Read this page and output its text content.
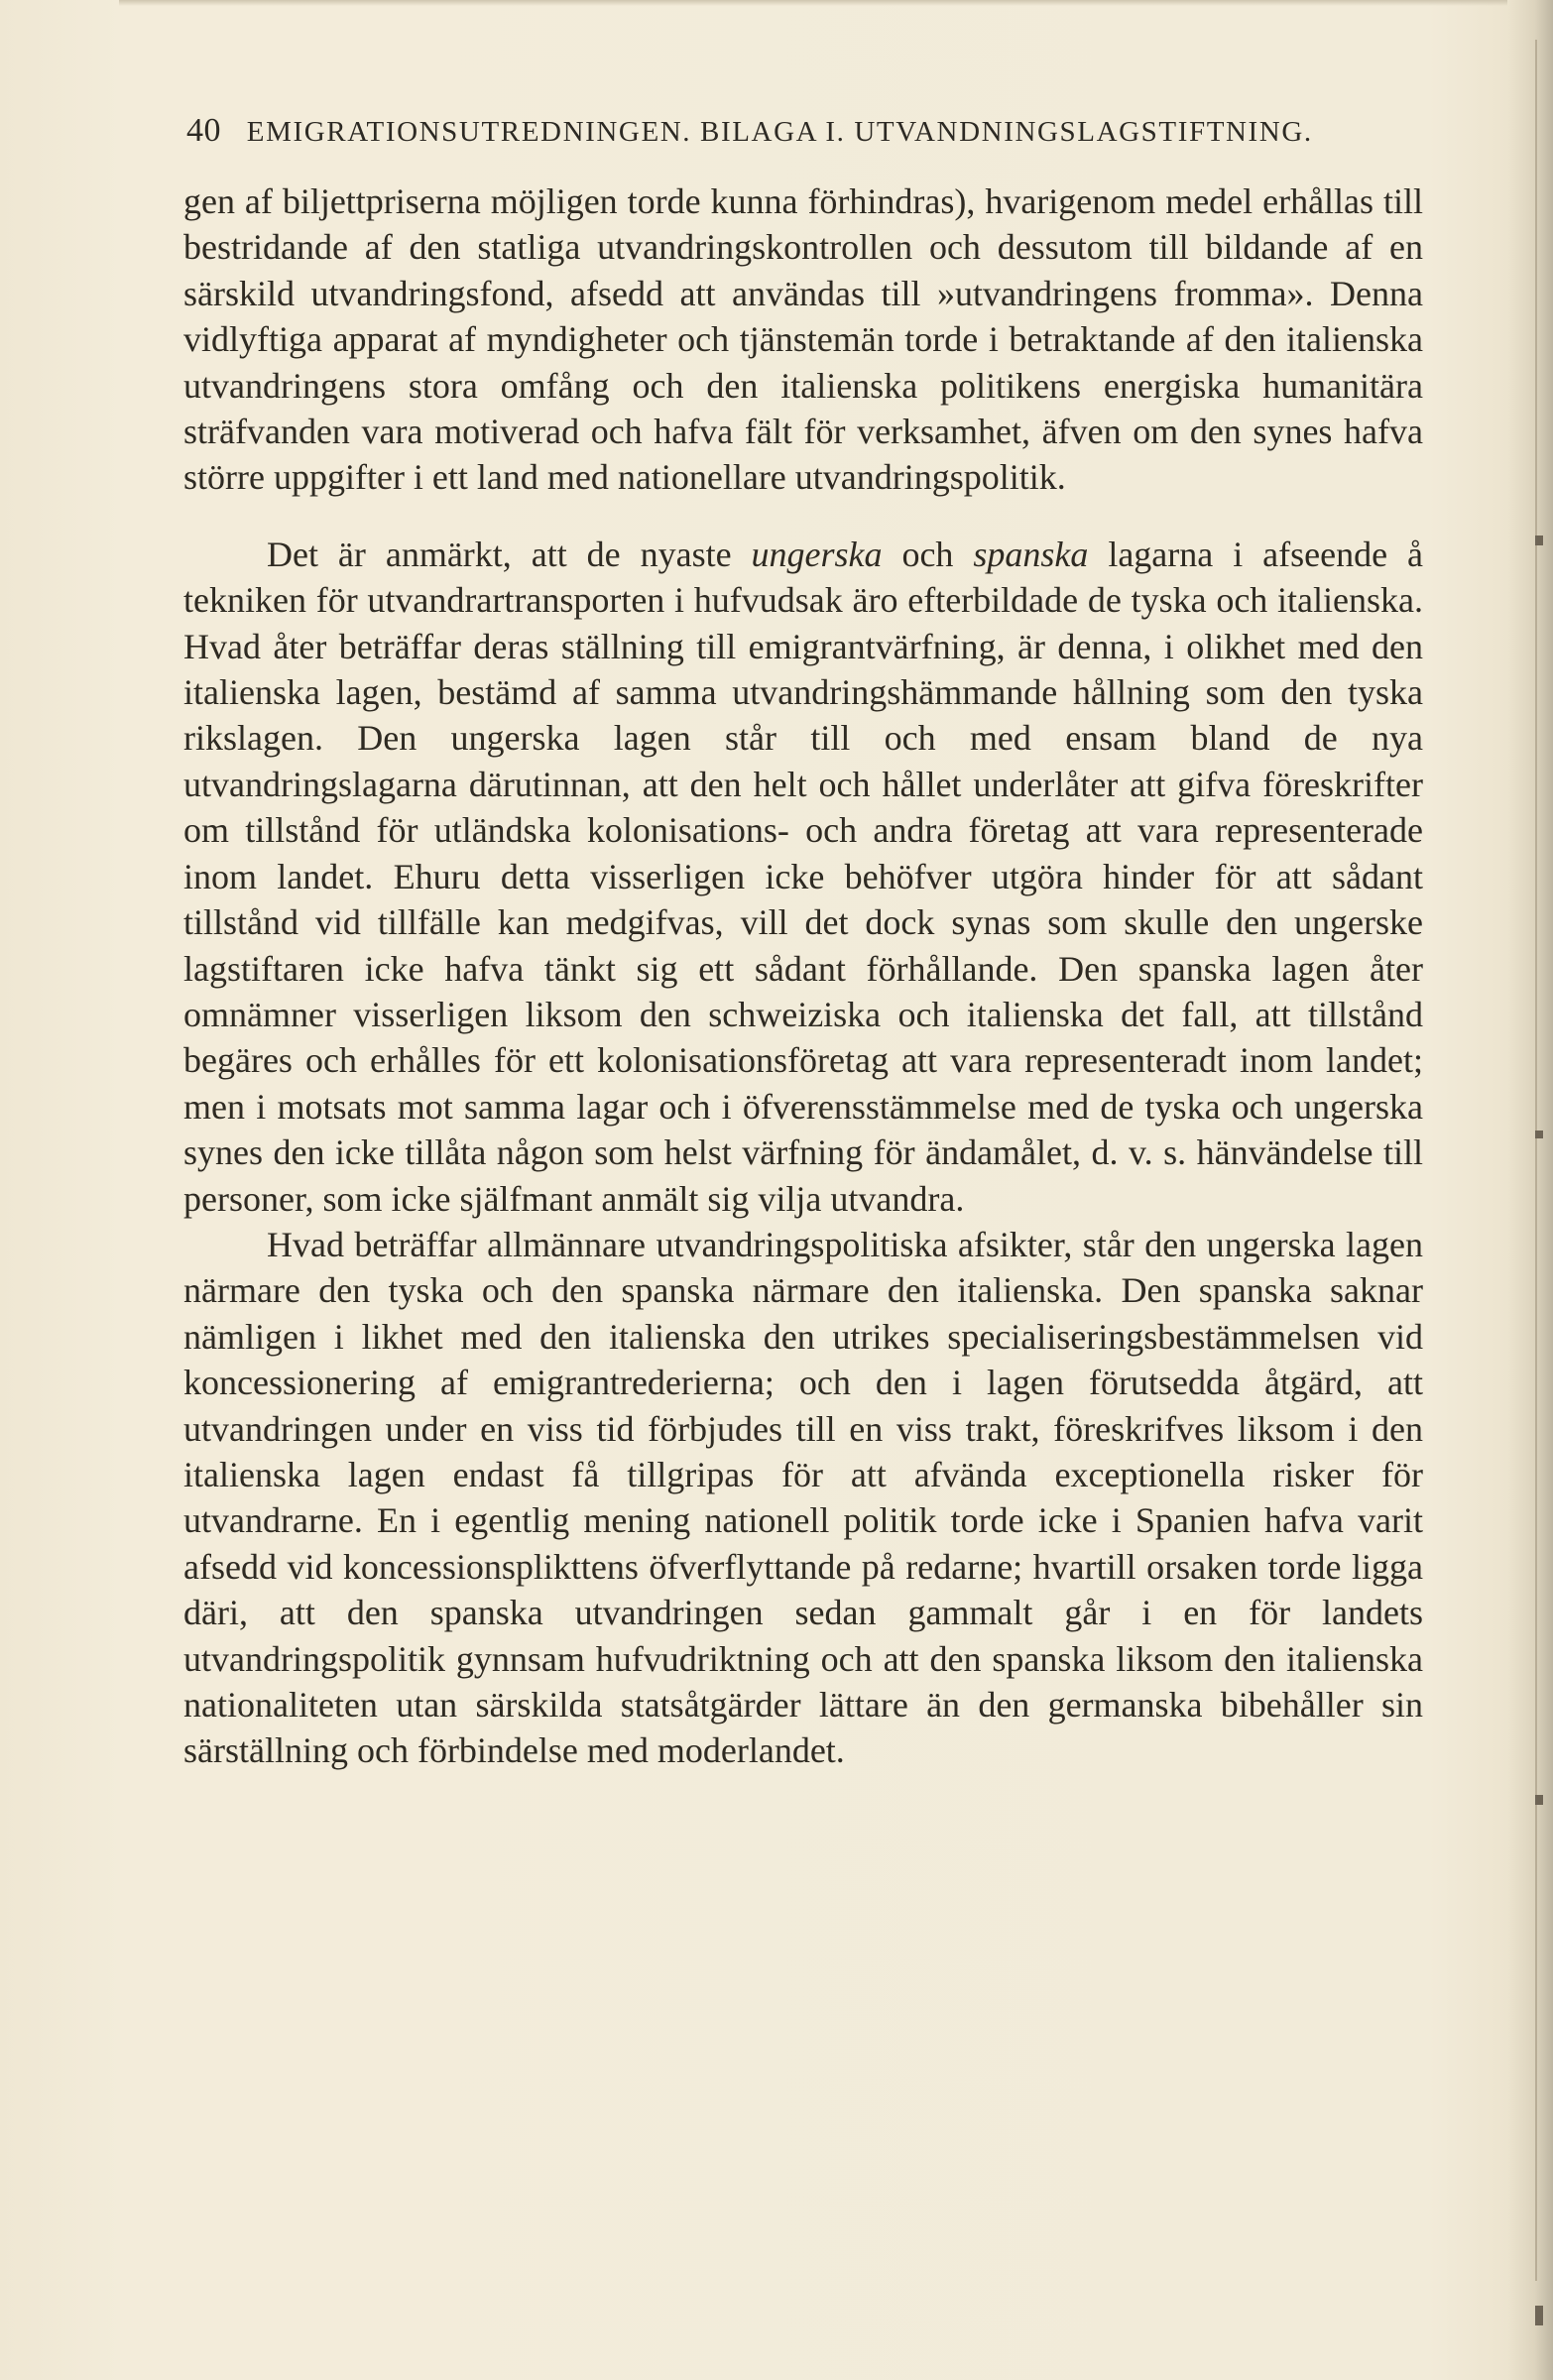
40 EMIGRATIONSUTREDNINGEN. BILAGA I. UTVANDNINGSLAGSTIFTNING.

gen af biljettpriserna möjligen torde kunna förhindras), hvarigenom medel erhållas till bestridande af den statliga utvandringskontrollen och dessutom till bildande af en särskild utvandringsfond, afsedd att användas till »utvandringens fromma». Denna vidlyftiga apparat af myndigheter och tjänstemän torde i betraktande af den italienska utvandringens stora omfång och den italienska politikens energiska humanitära sträfvanden vara motiverad och hafva fält för verksamhet, äfven om den synes hafva större uppgifter i ett land med nationellare utvandringspolitik.

Det är anmärkt, att de nyaste ungerska och spanska lagarna i afseende å tekniken för utvandrartransporten i hufvudsak äro efterbildade de tyska och italienska. Hvad åter beträffar deras ställning till emigrantvärfning, är denna, i olikhet med den italienska lagen, bestämd af samma utvandringshämmande hållning som den tyska rikslagen. Den ungerska lagen står till och med ensam bland de nya utvandringslagarna därutinnan, att den helt och hållet underlåter att gifva föreskrifter om tillstånd för utländska kolonisations- och andra företag att vara representerade inom landet. Ehuru detta visserligen icke behöfver utgöra hinder för att sådant tillstånd vid tillfälle kan medgifvas, vill det dock synas som skulle den ungerske lagstiftaren icke hafva tänkt sig ett sådant förhållande. Den spanska lagen åter omnämner visserligen liksom den schweiziska och italienska det fall, att tillstånd begäres och erhålles för ett kolonisationsföretag att vara representeradt inom landet; men i motsats mot samma lagar och i öfverensstämmelse med de tyska och ungerska synes den icke tillåta någon som helst värfning för ändamålet, d. v. s. hänvändelse till personer, som icke själfmant anmält sig vilja utvandra.

Hvad beträffar allmännare utvandringspolitiska afsikter, står den ungerska lagen närmare den tyska och den spanska närmare den italienska. Den spanska saknar nämligen i likhet med den italienska den utrikes specialiseringsbestämmelsen vid koncessionering af emigrantrederierna; och den i lagen förutsedda åtgärd, att utvandringen under en viss tid förbjudes till en viss trakt, föreskrifves liksom i den italienska lagen endast få tillgripas för att afvända exceptionella risker för utvandrarne. En i egentlig mening nationell politik torde icke i Spanien hafva varit afsedd vid koncessionsplikttens öfverflyttande på redarne; hvartill orsaken torde ligga däri, att den spanska utvandringen sedan gammalt går i en för landets utvandringspolitik gynnsam hufvudriktning och att den spanska liksom den italienska nationaliteten utan särskilda statsåtgärder lättare än den germanska bibehåller sin särställning och förbindelse med moderlandet.
